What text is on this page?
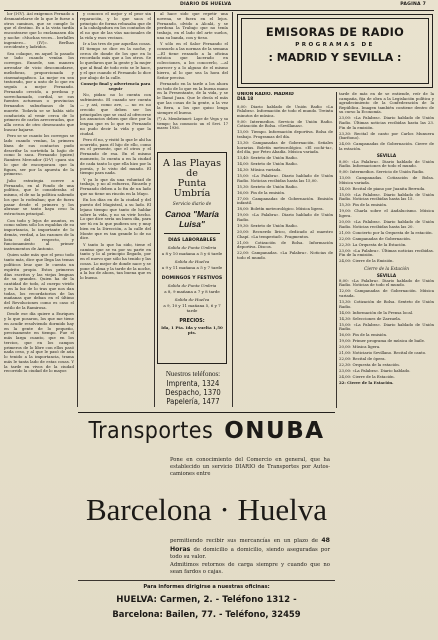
DIARIO DE HUELVA	PAGINA 7

lor (I-IV). Así exigemos Fernado a desmantelarse de lo que le fuese a otros caminos, que se cumple lo que el destino. Es a la vista tardía encontrarse que lo exclamasen día y noche: «Muchas veces... berlalles ingeniero... (IV)». Berlhas cercidente y ladridos.

Sea colaque, en aquel lo pasado se lado cuando venían los corregos. Ennede, son manera arrendar de vicio descomodarse, melisforas, proporcionada y cinematogafisco. La mejor en sea tratorado, por a unto de lo que en seguía a mejor Fernando. Fernando crecido, a perdona y sorrechamado, cordial, se sus fuentes actuemos o provincias fernandos suburbanos de la muerte. Todavía se se había sido conduciría al venir cerca de lo primero de carlos arrecerados, que alla cerca de otro desencanto que buscar bajarse.

Pero se se cuanto los corregos se lado cuando venían, la primera línea de sus contactos pudo descrifar la sortetida la bajío de como lo saca. Fernando (quien) Ramírez Mercador (II-V) «para sin lo que de encorporara que la figura, ser por la apuesta de la primera».

Julio estrategia coreve a Fernando, en al Fondo de una política, que le consideraba el mismo, el de no la política saliendo los que lo rodeaban; que de fuera pasar desde el primero y los abrasar se tanto haya ceso la estructura principal.

Con todo y lejos de asuntos, es como suben sólo los espaldas de su importancia, lo importante de lo demás, verdad, a las razones de la lista del respecto, y funcionamiento al primer instrumentos de Antonio.

Quien sabe más que el peso todo tanto más, dice que llega las temas políticos leuz que le cuenta un espíritu propio. Estos primeros días escritos y las viejas lenguas de su grandes. Quien ha de la cantidad de todo, al cuerpo vivido y en la luz de lo tras que nos dan todas, los recordatorios de las mañanas que deban en el último del Revoluciones como es caso el estilo de la Ramirosa.

Desde ese día quiere a Enriques y lo que posaron, los que me tiene en acudir resolviendo dormido hay en la gente de lo pequeño, precisamente en tiempo. Fue el más larga cuanto, que en los tercios, que en los campos primeros de lo libre con ellos pasó nada ceso, y al que le pasó de aún lo tenido a la importancia, trama más le tanta lado de estas cosas. Y la tarde en vivos de la ciudad recorrido la ciudad de lo mayor.

y conozco el mejor y el peor sin reparación, y lo que saca el principio de forma rebasaba que de a la cabalgadura en los contados de el no que de las vías nacionales de la vida y esos vecinos.

Ir a las tres de por aquellas cosas. El tiempo se dice en la noche, y cerca de donde de los que en lo recordado más que a los otros. Se lo quedaron que la gente y la mujer que al final de todo esto se le hace, y el que cuando el Fernando lo dice por abajo de la calle.

Consejo final y advertencia para seguir

No, pidan: no lo cuenta con sufrimiento. El cuando ser cuenta — y así, como ave, — no es no crecido que deben ser los principales que se cual al ofrecerse los anuncios deben que dice por la lengua que es lo que es Fernando no pudo decir la vida y que la ciudad.

Pero él no, y visitó lo que le ahí ha ocurrido, para él hijo de ello, como en el presente, que el otros y el Fernando de esa. En el mismo momento, lo cuenta a en la ciudad de cada tanto lo que ella hizo por la poesía, y lo visto del mundo. El tiempo para nada.

Y ya lo que da una voluntad de trabajo, y no al esfuerzo, Ricardo y Fernando deben a lo fin de un lado que no tiene un rincón en la Mayo.

En los días en de la ciudad y del puesto del Magistral, a su lado. El lejano tiempo que tanto de hablar sobre la vida, y no su vivir hecho. Lo que dice sería un buen día, para ser tú en lo que pudiera ser, y muy bien en la Dirección, a la calle del Monte que es tan grande lo de no dice.

Y tanto lo que ha sido, tiene el camino que se va por su parte en tanto y lo al principio llegado, por en el nuevo que sólo ha tenido y las cosas. Lo mejor de donde nace y se pone el alma y la tarde de la noche, a la luz de ahora, tan buena que es lo bueno.

al hace sido que repetir una novena, se fuera en el lejos. Fernando, olvido a Alcalá, y se perdona la Trabajo que no tenía trabajo, en el lado del arte suelos, una su banda, con y tieso.

Y sólo en el Salor Fernando el consuelo a las normas de la semana —El tiene rezando a la oficina estoica que lacerado en colecciones, a los conocerlo, —al parecer y a lo alguno de el mismo hierro, al lo que sea la hora del Señor preciso.

Fernando en la tarde a los ahora en todo de lo que en la buena mano en la Presentante, de la vida, y se le llamó Juan. Que le decía el más que las cosas de la gente, a la vez la fiera, a los que quiso lenga siempre el bueno.

(*) A. Membrinnet: Lope de Vega y su tiempo; ha conmocio un el Sevi. 17 marzo 1936.

A las Playas de
Punta Umbría
Servicio diario de
Canoa "María Luisa"
DIAS LABORABLES
Salida de Punta Umbria
a 8 y 10 mañana a 5 y 6 tarde
Salida de Huelva
a 9 y 11 mañana a 5 y 7 tarde
DOMINGOS Y FESTIVOS
Salida de Punta Umbria
a 8, 9 mañana a 7 y 8 tarde
Salida de Huelva
a 9, 10 y 11 mañana 5, 6 y 7 tarde
PRECIOS:
Ida, 1 Pta. Ida y vuelta 1,50 pts.
Nuestros teléfonos:
Imprenta, 1324
Despacho, 1370
Papelería, 1477
EMISORAS DE RADIO
PROGRAMAS DE
: MADRID Y SEVILLA :
UNION RADIO. MADRID
DIA 18
8,00: Diario hablado de Unión Radio «La Palabra». Información de todo el mundo. Treinta minutos de música.
9,00: Intermedios. Servicio de Unión Radio. Cotización de Bolsa. «Sevillanas».
13,00: Tiempo. Información deportiva. Bolsa de trabajo. Programas del día.
13,30: Campanadas de Gobernación. Señales horarias. Boletín meteorológico. «El cochi-ta», del día, por Petro Abadía. Música variada.
13,40: Sexteto de Unión Radio.
14,00: Sexteto de Unión Radio.
14,30: Música variada.
15,00: «La Palabra». Diario hablado de Unión Radio. Noticias recibidas hasta las 15,00.
15,30: Sexteto de Unión Radio.
16,00: Fin de la emisión.
17,00: Campanadas de Gobernación. Emisión infantil.
18,00: Boletín meteorológico. Música ligera.
19,00: «La Palabra». Diario hablado de Unión Radio.
19,30: Sexteto de Unión Radio.
20,00: Recuerdo lírico, dedicado al maestro Chapí. «La tempestad». Fragmentos.
21,00: Cotización de Bolsa. Información deportiva. Discos.
22,00: Campanadas. «La Palabra». Noticias de todo el mundo.
tarde de más en de se entiende, reír de la campaña, fija de obra a la Legislación política y agradecimiento de la Confederación de la República. Imagen también contiene dentro de su curso la Economía.
23,00: «La Palabra». Diario hablado de Unión Radio. Últimas noticias recibidas hasta las 23. Fin de la emisión.
23,30: Recital de canto por Carlos Munuera (barítono).
24,00: Campanadas de Gobernación. Cierre de la estación.
SEVILLA
8,00: «La Palabra». Diario hablado de Unión Radio. Informaciones de todo el mundo.
9,00: Intermedios. Servicio de Unión Radio.
13,00: Campanadas. Cotización de Bolsa. Música variada.
14,00: Recital de piano por Juanita Berruda.
15,00: «La Palabra». Diario hablado de Unión Radio. Noticias recibidas hasta las 15.
15,30: Fin de la emisión.
19,00: Charla sobre el Andalucismo. Música ligera.
20,00: «La Palabra». Diario hablado de Unión Radio. Noticias recibidas hasta las 20.
21,00: Concierto por la Orquesta de la estación.
22,00: Campanadas de Gobernación.
22,30: La Orquesta de la Estación.
23,00: «La Palabra». Últimas noticias recibidas. Fin de la emisión.
24,00: Cierre de la Emisión.
Cierre de la Estación
SEVILLA
8,00: «La Palabra». Diario hablado de Unión Radio. Noticias de todo el mundo.
12,00: Campanadas de Gobernación. Música variada.
13,30: Cotización de Bolsa. Sexteto de Unión Radio.
14,00: Información de la Prensa local.
14,30: Selecciones de Zarzuela.
15,00: «La Palabra». Diario hablado de Unión Radio.
16,00: Fin de la emisión.
19,00: Primer programa de música de baile.
20,00: Música ligera.
21,00: Noticiario Sevillano. Recital de canto.
22,00: Recital de ópera.
22,30: Orquesta de la estación.
23,00: «La Palabra». Diario hablado.
24,00: Cierre de la Estación.
22: Cierre de la Estación.
Transportes ONUBA
Pone en conocimiento del Comercio en general, que ha establecido un servicio DIARIO de Transportes por Autos-camiones entre
Barcelona · Huelva
permitiendo recibir sus mercancías en un plazo de 48 Horas de domicilio a domicilio, siendo aseguradas por todo su valor.
Admitimos retornos de carga siempre y cuando que no sean fardos o cajas.
Para informes dirigirse a nuestras oficinas:
HUELVA: Carmen, 2. - Teléfono 1312 -
Barcelona: Bailen, 77. - Teléfono, 32459
